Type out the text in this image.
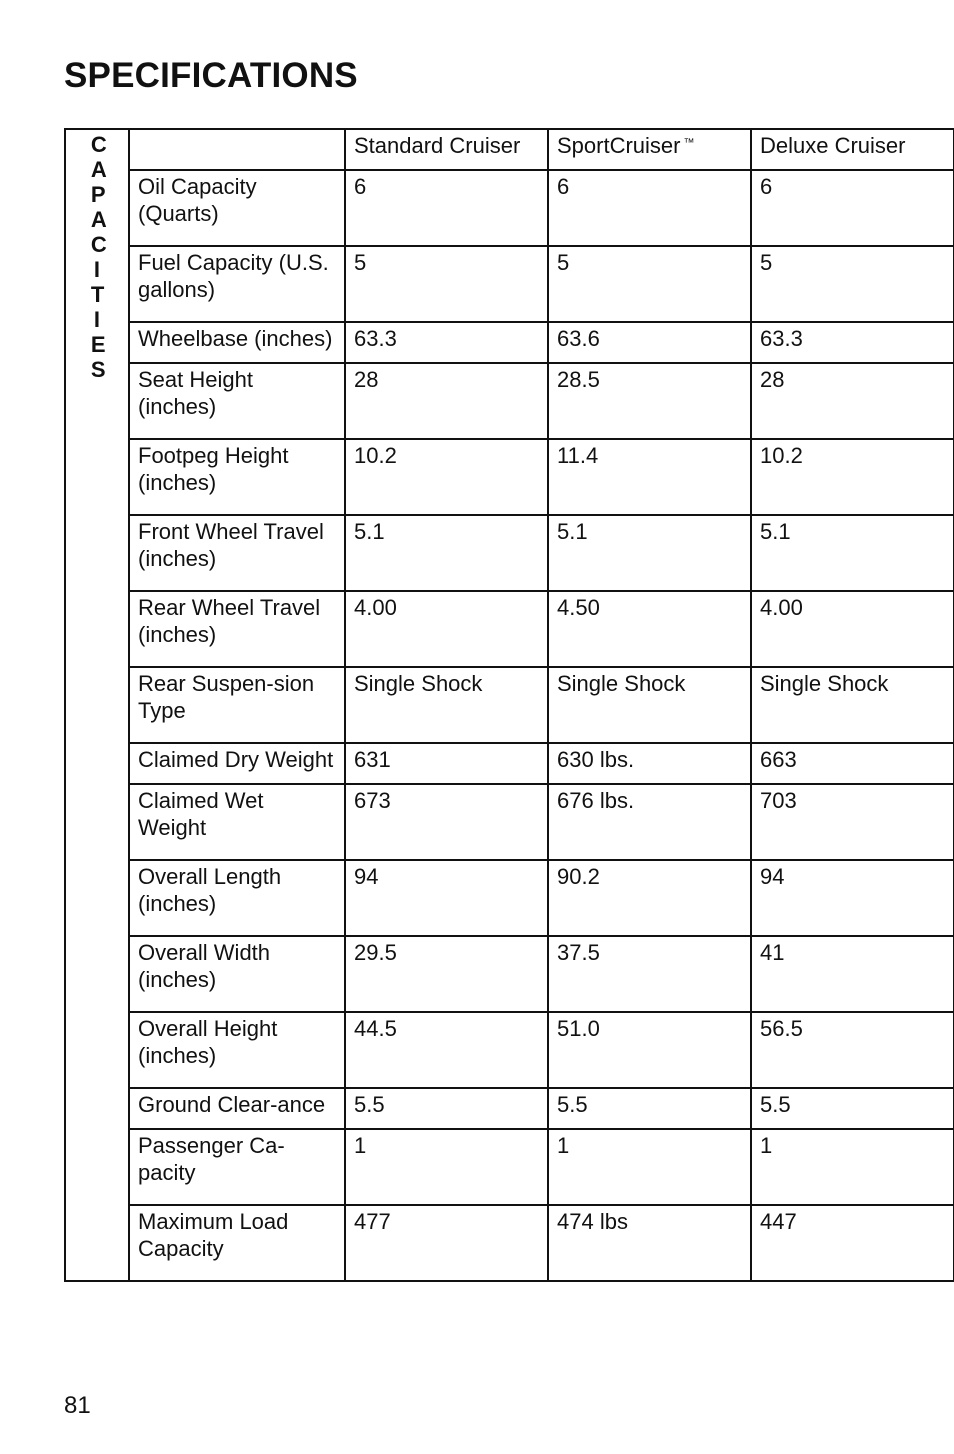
SPECIFICATIONS
CAPACITIES		Standard Cruiser	SportCruiser ™	Deluxe Cruiser
	Oil Capacity (Quarts)	6	6	6
	Fuel Capacity (U.S. gallons)	5	5	5
	Wheelbase (inches)	63.3	63.6	63.3
	Seat Height (inches)	28	28.5	28
	Footpeg Height (inches)	10.2	11.4	10.2
	Front Wheel Travel (inches)	5.1	5.1	5.1
	Rear Wheel Travel (inches)	4.00	4.50	4.00
	Rear Suspen-sion Type	Single Shock	Single Shock	Single Shock
	Claimed Dry Weight	631	630 lbs.	663
	Claimed Wet Weight	673	676 lbs.	703
	Overall Length (inches)	94	90.2	94
	Overall Width (inches)	29.5	37.5	41
	Overall Height (inches)	44.5	51.0	56.5
	Ground Clear-ance	5.5	5.5	5.5
	Passenger Ca-pacity	1	1	1
	Maximum Load Capacity	477	474 lbs	447
81
